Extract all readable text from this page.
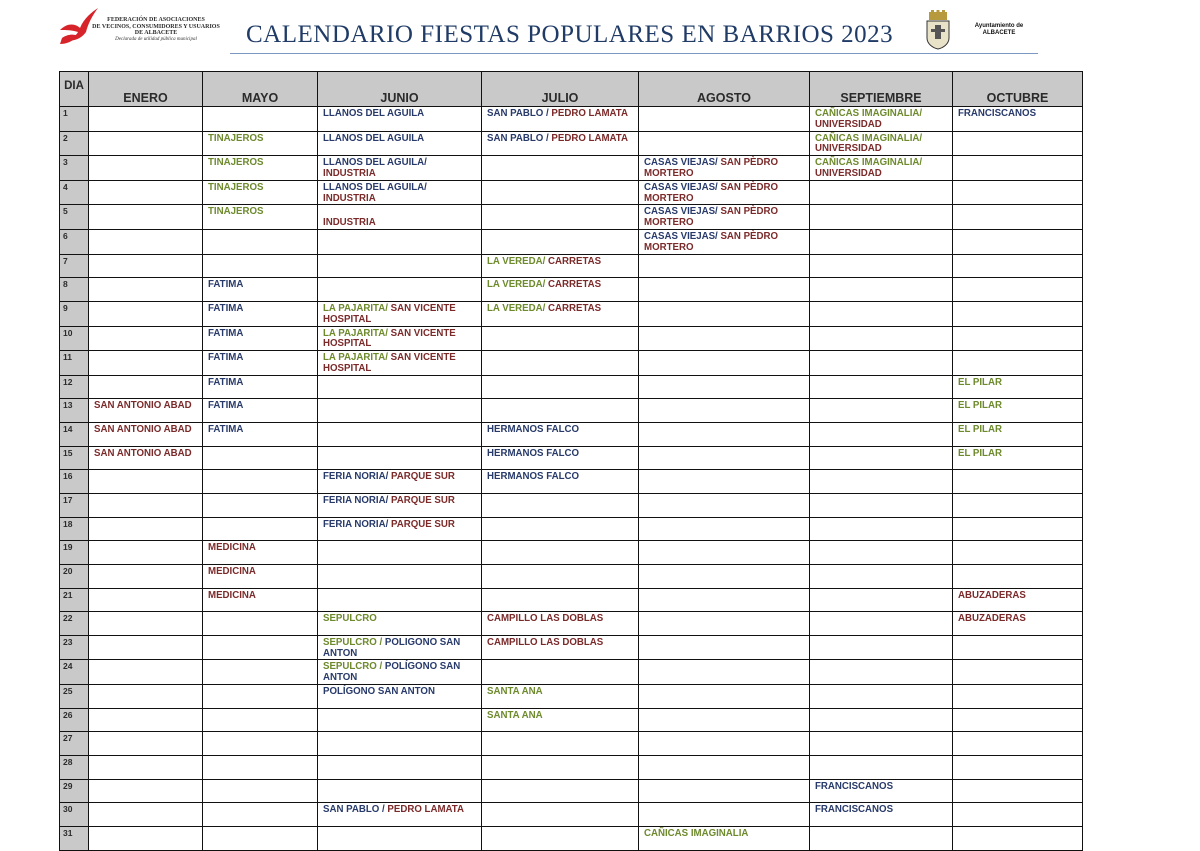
FEDERACIÓN DE ASOCIACIONES
DE VECINOS, CONSUMIDORES Y USUARIOS
DE ALBACETE
Declarada de utilidad pública municipal	CALENDARIO FIESTAS POPULARES EN BARRIOS 2023	Ayuntamiento de
ALBACETE
DIA	ENERO	MAYO	JUNIO	JULIO	AGOSTO	SEPTIEMBRE	OCTUBRE
1			LLANOS DEL AGUILA	SAN PABLO / PEDRO LAMATA		CAÑICAS IMAGINALIA/ UNIVERSIDAD	FRANCISCANOS
2		TINAJEROS	LLANOS DEL AGUILA	SAN PABLO / PEDRO LAMATA		CAÑICAS IMAGINALIA/ UNIVERSIDAD	
3		TINAJEROS	LLANOS DEL AGUILA/ INDUSTRIA		CASAS VIEJAS/ SAN PÈDRO MORTERO	CAÑICAS IMAGINALIA/ UNIVERSIDAD	
4		TINAJEROS	LLANOS DEL AGUILA/ INDUSTRIA		CASAS VIEJAS/ SAN PÈDRO MORTERO		
5		TINAJEROS	INDUSTRIA		CASAS VIEJAS/ SAN PÈDRO MORTERO		
6					CASAS VIEJAS/ SAN PÈDRO MORTERO		
7				LA VEREDA/ CARRETAS			
8		FATIMA		LA VEREDA/ CARRETAS			
9		FATIMA	LA PAJARITA/ SAN VICENTE HOSPITAL	LA VEREDA/ CARRETAS			
10		FATIMA	LA PAJARITA/ SAN VICENTE HOSPITAL				
11		FATIMA	LA PAJARITA/ SAN VICENTE HOSPITAL				
12		FATIMA					EL PILAR
13	SAN ANTONIO ABAD	FATIMA					EL PILAR
14	SAN ANTONIO ABAD	FATIMA		HERMANOS FALCO			EL PILAR
15	SAN ANTONIO ABAD			HERMANOS FALCO			EL PILAR
16			FERIA NORIA/ PARQUE SUR	HERMANOS FALCO			
17			FERIA NORIA/ PARQUE SUR				
18			FERIA NORIA/ PARQUE SUR				
19		MEDICINA					
20		MEDICINA					
21		MEDICINA					ABUZADERAS
22			SEPULCRO	CAMPILLO LAS DOBLAS			ABUZADERAS
23			SEPULCRO / POLIGONO SAN ANTON	CAMPILLO LAS DOBLAS			
24			SEPULCRO / POLÍGONO SAN ANTON				
25			POLÍGONO SAN ANTON	SANTA ANA			
26				SANTA ANA			
27							
28							
29						FRANCISCANOS	
30			SAN PABLO / PEDRO LAMATA			FRANCISCANOS	
31					CAÑICAS IMAGINALIA		
